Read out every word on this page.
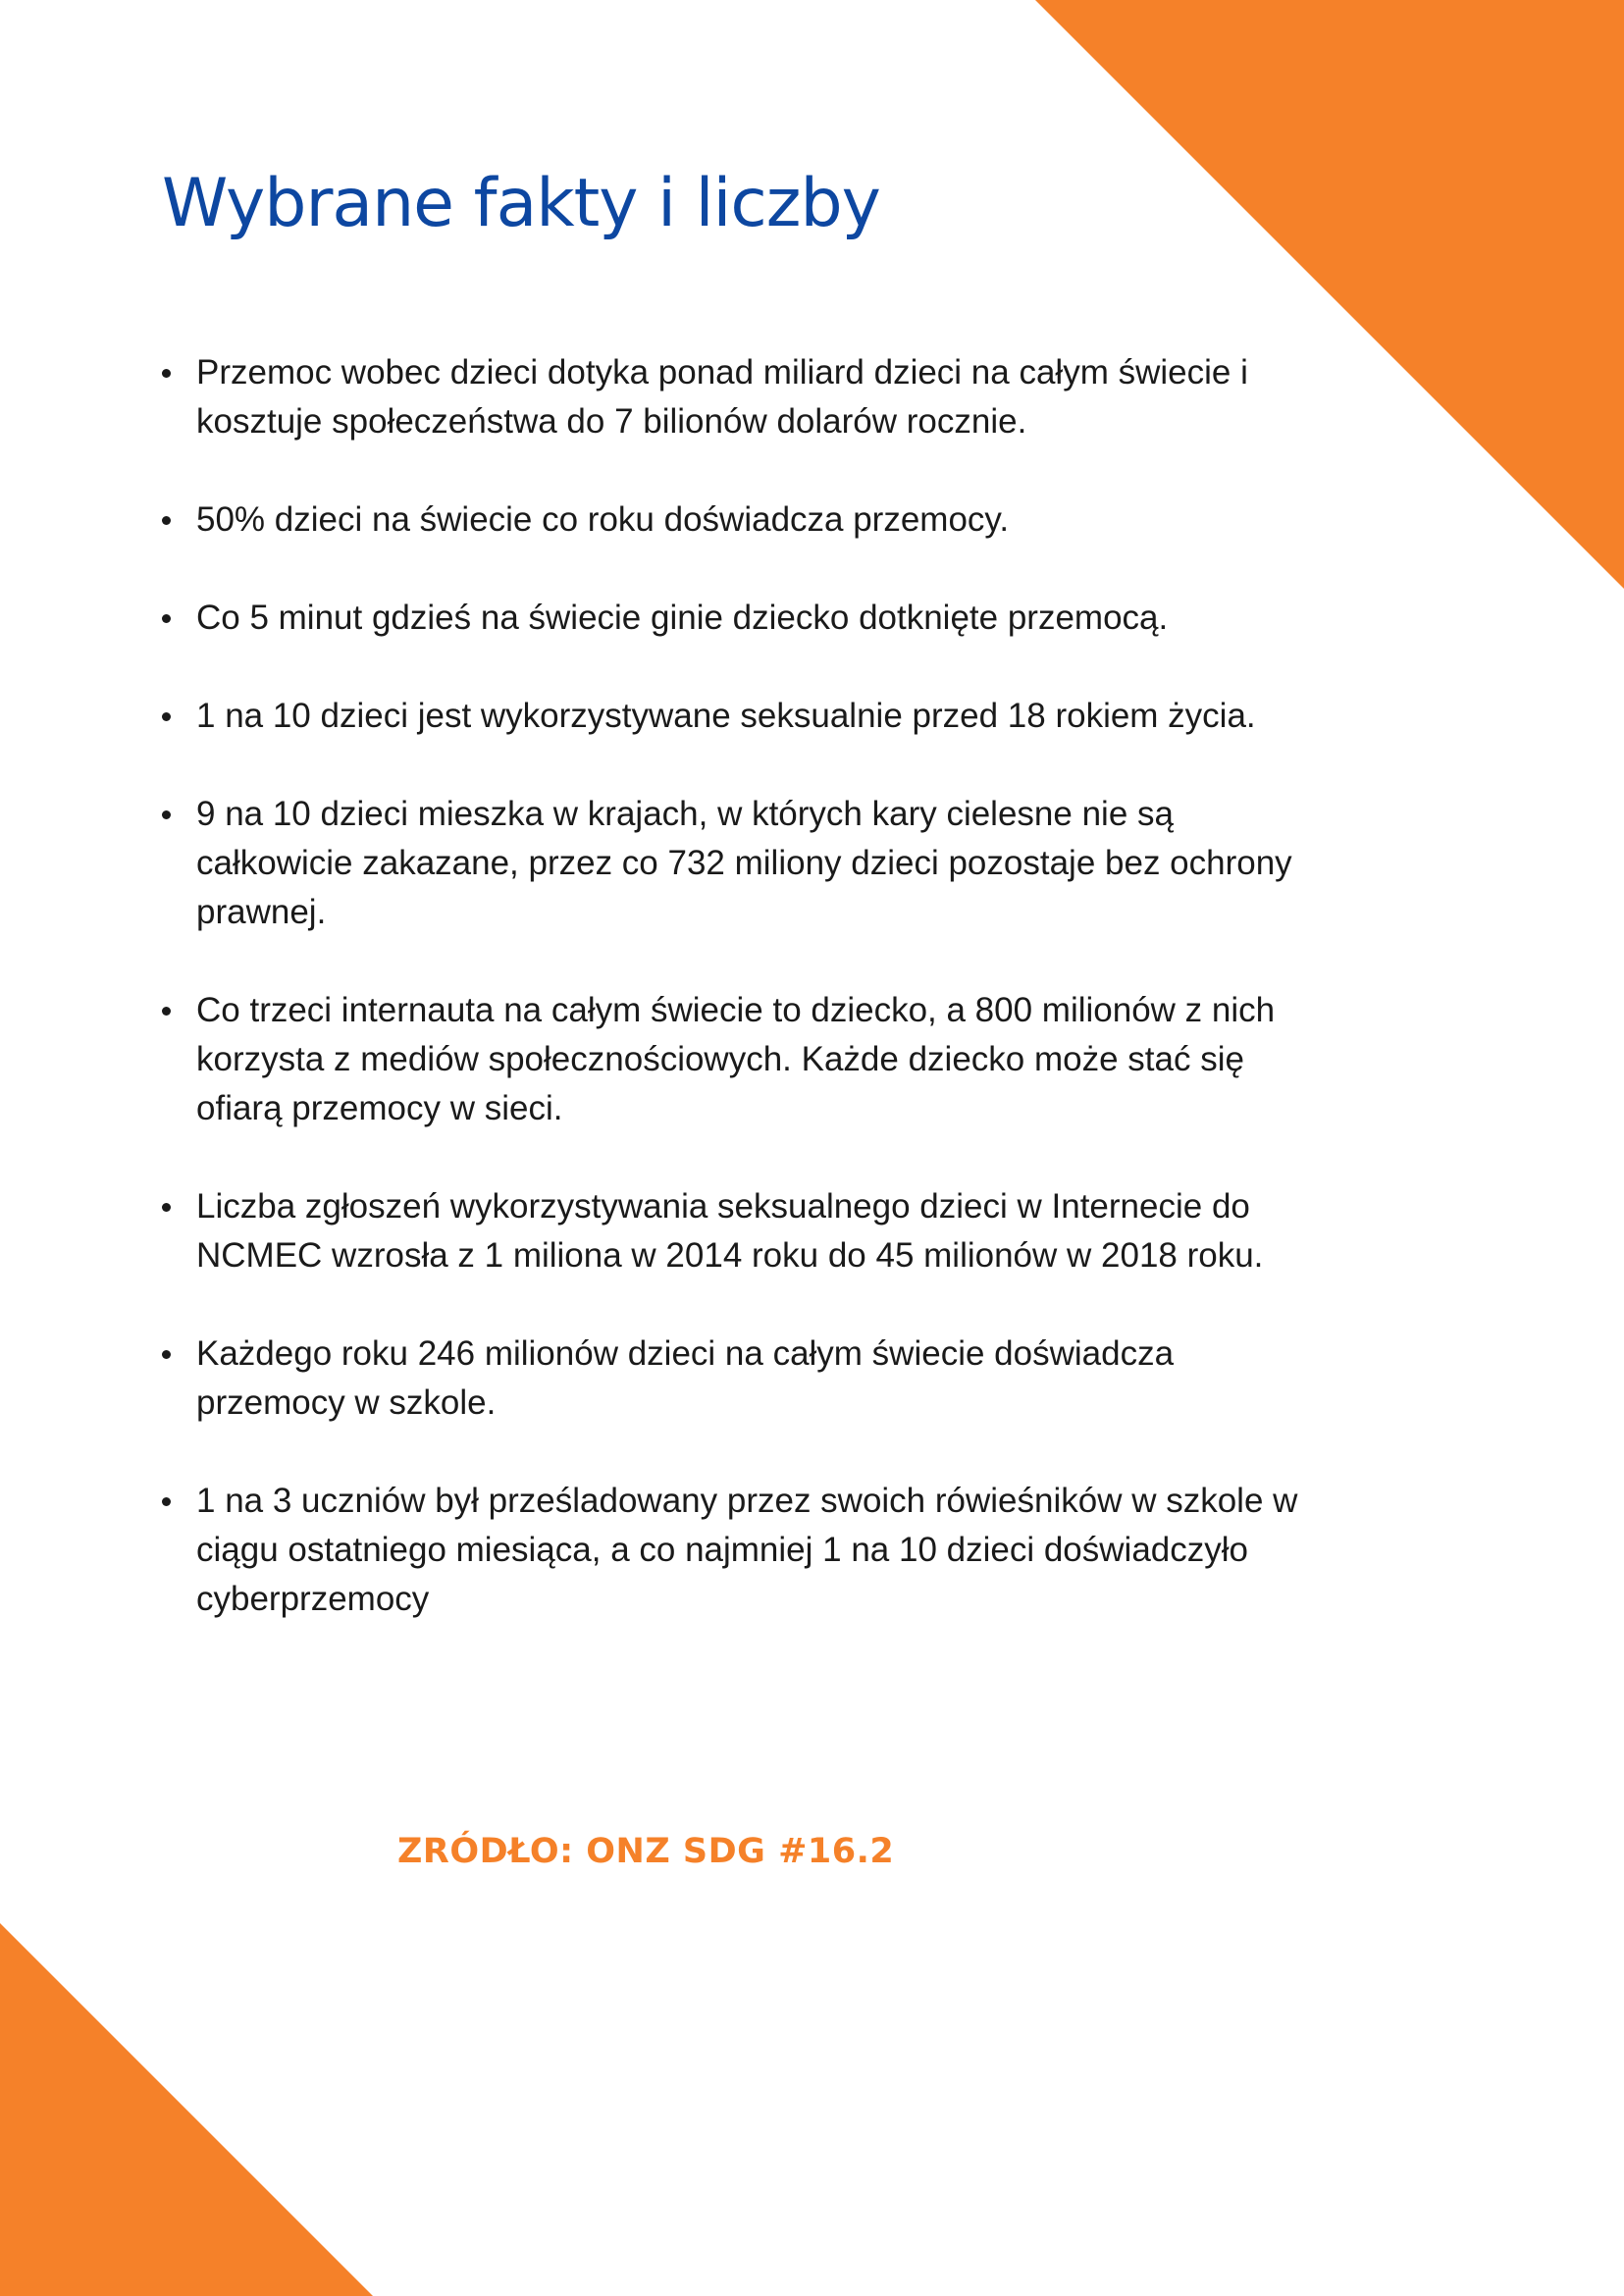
Wybrane fakty i liczby
Przemoc wobec dzieci dotyka ponad miliard dzieci na całym świecie i kosztuje społeczeństwa do 7 bilionów dolarów rocznie.
50% dzieci na świecie co roku doświadcza przemocy.
Co 5 minut gdzieś na świecie ginie dziecko dotknięte przemocą.
1 na 10 dzieci jest wykorzystywane seksualnie przed 18 rokiem życia.
9 na 10 dzieci mieszka w krajach, w których kary cielesne nie są całkowicie zakazane, przez co 732 miliony dzieci pozostaje bez ochrony prawnej.
Co trzeci internauta na całym świecie to dziecko, a 800 milionów z nich korzysta z mediów społecznościowych. Każde dziecko może stać się ofiarą przemocy w sieci.
Liczba zgłoszeń wykorzystywania seksualnego dzieci w Internecie do NCMEC wzrosła z 1 miliona w 2014 roku do 45 milionów w 2018 roku.
Każdego roku 246 milionów dzieci na całym świecie doświadcza przemocy w szkole.
1 na 3 uczniów był prześladowany przez swoich rówieśników w szkole w ciągu ostatniego miesiąca, a co najmniej 1 na 10 dzieci doświadczyło cyberprzemocy

ZRÓDŁO: ONZ SDG #16.2
